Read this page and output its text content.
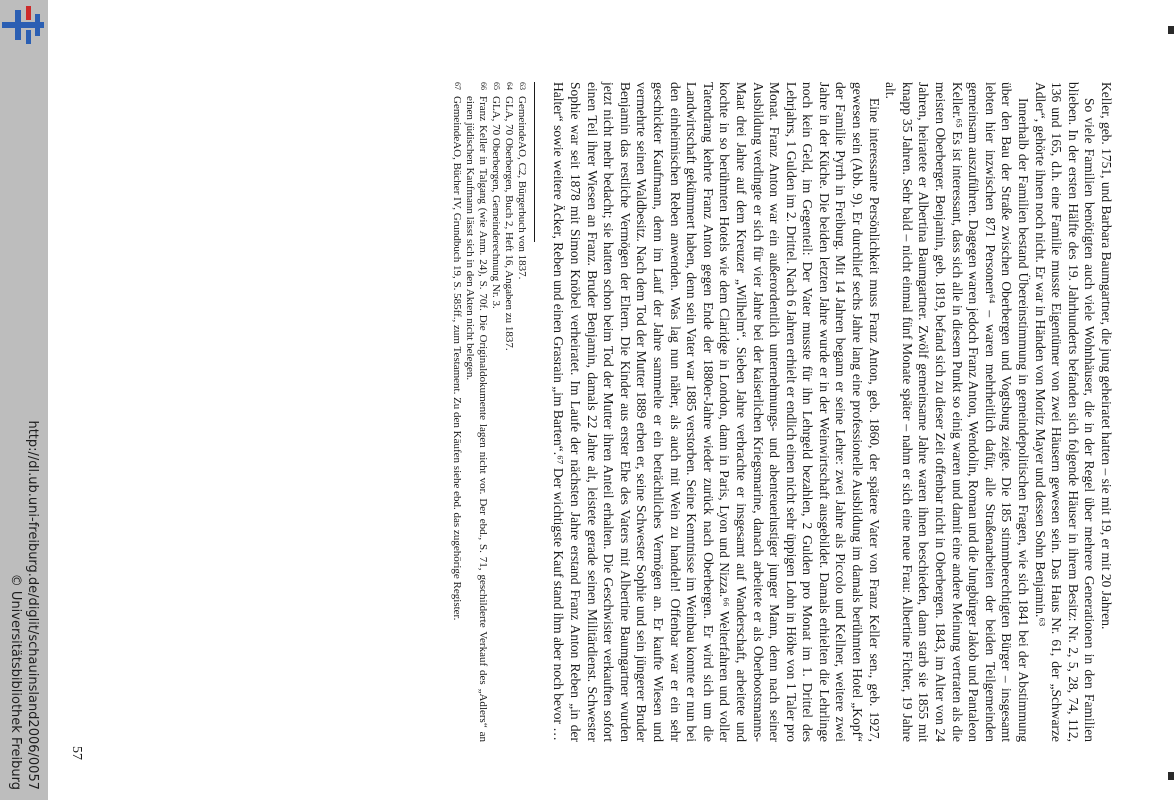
http://dl.ub.uni-freiburg.de/diglit/schauinsland2006/0057
© Universitätsbibliothek Freiburg

Keller, geb. 1751, und Barbara Baumgartner, die jung geheiratet hatten – sie mit 19, er mit 20 Jahren.

So viele Familien benötigten auch viele Wohnhäuser, die in der Regel über mehrere Generationen in den Familien blieben. In der ersten Hälfte des 19. Jahrhunderts befanden sich folgende Häuser in ihrem Besitz: Nr. 2, 5, 28, 74, 112, 136 und 165, d.h. eine Familie musste Eigentümer von zwei Häusern gewesen sein. Das Haus Nr. 61, der „Schwarze Adler“, gehörte ihnen noch nicht. Er war in Händen von Moritz Mayer und dessen Sohn Benjamin.⁶³

Innerhalb der Familien bestand Übereinstimmung in gemeindepolitischen Fragen, wie sich 1841 bei der Abstimmung über den Bau der Straße zwischen Oberbergen und Vogtsburg zeigte. Die 185 stimmberechtigten Bürger – insgesamt lebten hier inzwischen 871 Personen⁶⁴ – waren mehrheitlich dafür, alle Straßenarbeiten der beiden Teilgemeinden gemeinsam auszuführen. Dagegen waren jedoch Franz Anton, Wendolin, Roman und die Jungbürger Jakob und Pantaleon Keller.⁶⁵ Es ist interessant, dass sich alle in diesem Punkt so einig waren und damit eine andere Meinung vertraten als die meisten Oberberger. Benjamin, geb. 1819, befand sich zu dieser Zeit offenbar nicht in Oberbergen. 1843, im Alter von 24 Jahren, heiratete er Albertina Baumgartner. Zwölf gemeinsame Jahre waren ihnen beschieden, dann starb sie 1855 mit knapp 35 Jahren. Sehr bald – nicht einmal fünf Monate später – nahm er sich eine neue Frau: Albertine Fichter, 19 Jahre alt.

Eine interessante Persönlichkeit muss Franz Anton, geb. 1860, der spätere Vater von Franz Keller sen., geb. 1927, gewesen sein (Abb. 9). Er durchlief sechs Jahre lang eine professionelle Ausbildung im damals berühmten Hotel „Kopf“ der Familie Pyrrh in Freiburg. Mit 14 Jahren begann er seine Lehre: zwei Jahre als Piccolo und Kellner, weitere zwei Jahre in der Küche. Die beiden letzten Jahre wurde er in der Weinwirtschaft ausgebildet. Damals erhielten die Lehrlinge noch kein Geld, im Gegenteil: Der Vater musste für ihn Lehrgeld bezahlen, 2 Gulden pro Monat im 1. Drittel des Lehrjahrs, 1 Gulden im 2. Drittel. Nach 6 Jahren erhielt er endlich einen nicht sehr üppigen Lohn in Höhe von 1 Taler pro Monat. Franz Anton war ein außerordentlich unternehmungs- und abenteuerlustiger junger Mann, denn nach seiner Ausbildung verdingte er sich für vier Jahre bei der kaiserlichen Kriegsmarine, danach arbeitete er als Oberbootsmanns-Maat drei Jahre auf dem Kreuzer „Wilhelm“. Sieben Jahre verbrachte er insgesamt auf Wanderschaft, arbeitete und kochte in so berühmten Hotels wie dem Claridge in London, dann in Paris, Lyon und Nizza.⁶⁶ Welterfahren und voller Tatendrang kehrte Franz Anton gegen Ende der 1880er-Jahre wieder zurück nach Oberbergen. Er wird sich um die Landwirtschaft gekümmert haben, denn sein Vater war 1885 verstorben. Seine Kenntnisse im Weinbau konnte er nun bei den einheimischen Reben anwenden. Was lag nun näher, als auch mit Wein zu handeln! Offenbar war er ein sehr geschickter Kaufmann, denn im Lauf der Jahre sammelte er ein beträchtliches Vermögen an. Er kaufte Wiesen und vermehrte seinen Waldbesitz. Nach dem Tod der Mutter 1889 erben er, seine Schwester Sophie und sein jüngerer Bruder Benjamin das restliche Vermögen der Eltern. Die Kinder aus erster Ehe des Vaters mit Albertine Baumgartner wurden jetzt nicht mehr bedacht; sie hatten schon beim Tod der Mutter ihren Anteil erhalten. Die Geschwister verkauften sofort einen Teil ihrer Wiesen an Franz. Bruder Benjamin, damals 22 Jahre alt, leistete gerade seinen Militärdienst. Schwester Sophie war seit 1878 mit Simon Knöbel verheiratet. Im Laufe der nächsten Jahre erstand Franz Anton Reben „in der Halter“ sowie weitere Äcker, Reben und einen Grasrain „im Barten“.⁶⁷ Der wichtigste Kauf stand ihm aber noch bevor …

63
GemeindeAO, C2, Bürgerbuch von 1837.
64
GLA, 70 Oberbergen, Buch 2, Heft 16, Angaben zu 1837.
65
GLA, 70 Oberbergen, Gemeinderechnung Nr. 3.
66
Franz Keller in Talgang (wie Anm. 24), S. 70f. Die Originaldokumente lagen nicht vor. Der ebd., S. 71, geschilderte Verkauf des „Adlers“ an einen jüdischen Kaufmann lässt sich in den Akten nicht belegen.
67
GemeindeAO, Bücher IV, Grundbuch 19, S. 585ff., zum Testament. Zu den Käufen siehe ebd. das zugehörige Register.
57
